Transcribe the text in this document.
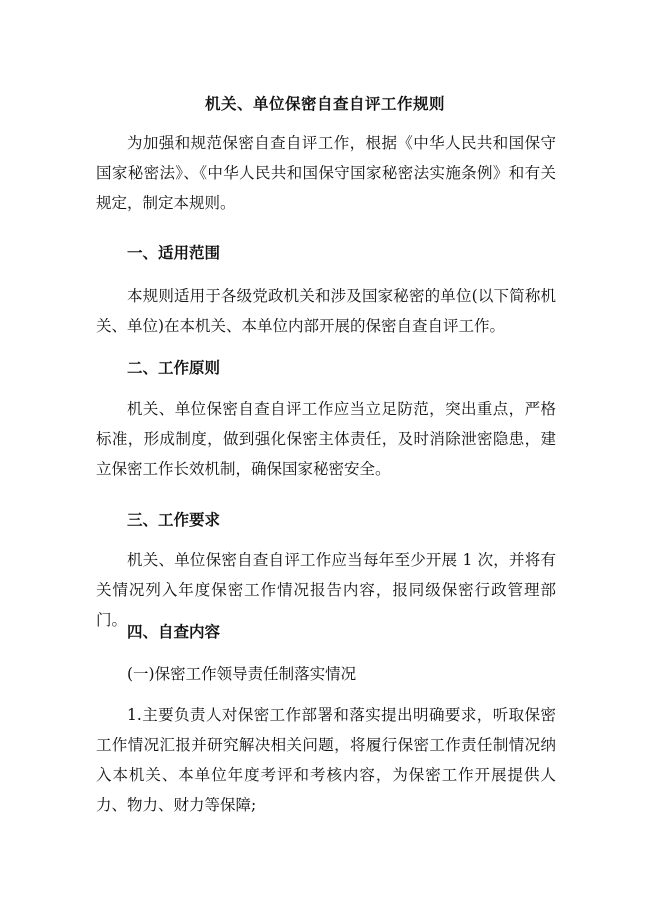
机关、单位保密自查自评工作规则

为加强和规范保密自查自评工作，根据《中华人民共和国保守国家秘密法》、《中华人民共和国保守国家秘密法实施条例》和有关规定，制定本规则。

一、适用范围

本规则适用于各级党政机关和涉及国家秘密的单位(以下简称机关、单位)在本机关、本单位内部开展的保密自查自评工作。

二、工作原则

机关、单位保密自查自评工作应当立足防范，突出重点，严格标准，形成制度，做到强化保密主体责任，及时消除泄密隐患，建立保密工作长效机制，确保国家秘密安全。

三、工作要求

机关、单位保密自查自评工作应当每年至少开展 1 次，并将有关情况列入年度保密工作情况报告内容，报同级保密行政管理部门。

四、自查内容

(一)保密工作领导责任制落实情况

1.主要负责人对保密工作部署和落实提出明确要求，听取保密工作情况汇报并研究解决相关问题，将履行保密工作责任制情况纳入本机关、本单位年度考评和考核内容，为保密工作开展提供人力、物力、财力等保障;
